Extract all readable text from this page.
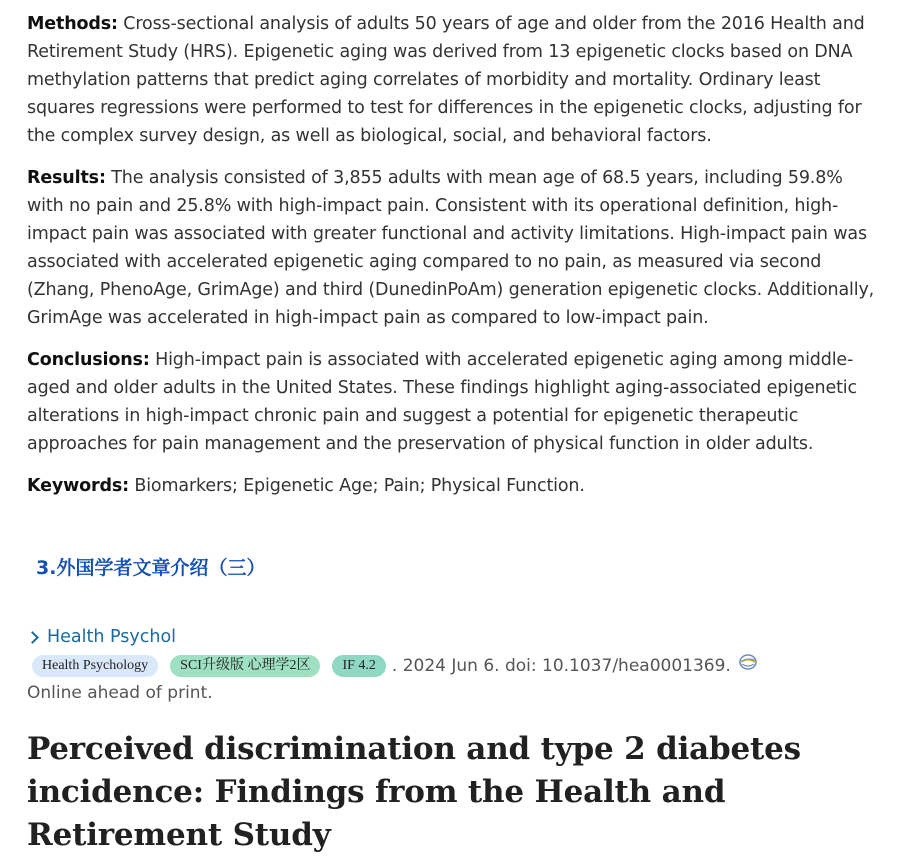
Methods: Cross-sectional analysis of adults 50 years of age and older from the 2016 Health and Retirement Study (HRS). Epigenetic aging was derived from 13 epigenetic clocks based on DNA methylation patterns that predict aging correlates of morbidity and mortality. Ordinary least squares regressions were performed to test for differences in the epigenetic clocks, adjusting for the complex survey design, as well as biological, social, and behavioral factors.

Results: The analysis consisted of 3,855 adults with mean age of 68.5 years, including 59.8% with no pain and 25.8% with high-impact pain. Consistent with its operational definition, high-impact pain was associated with greater functional and activity limitations. High-impact pain was associated with accelerated epigenetic aging compared to no pain, as measured via second (Zhang, PhenoAge, GrimAge) and third (DunedinPoAm) generation epigenetic clocks. Additionally, GrimAge was accelerated in high-impact pain as compared to low-impact pain.

Conclusions: High-impact pain is associated with accelerated epigenetic aging among middle-aged and older adults in the United States. These findings highlight aging-associated epigenetic alterations in high-impact chronic pain and suggest a potential for epigenetic therapeutic approaches for pain management and the preservation of physical function in older adults.

Keywords: Biomarkers; Epigenetic Age; Pain; Physical Function.

3.外国学者文章介绍（三）
Health Psychol
Health Psychology	SCI升级版 心理学2区	IF 4.2 . 2024 Jun 6. doi: 10.1037/hea0001369.
Online ahead of print.
Perceived discrimination and type 2 diabetes incidence: Findings from the Health and Retirement Study
